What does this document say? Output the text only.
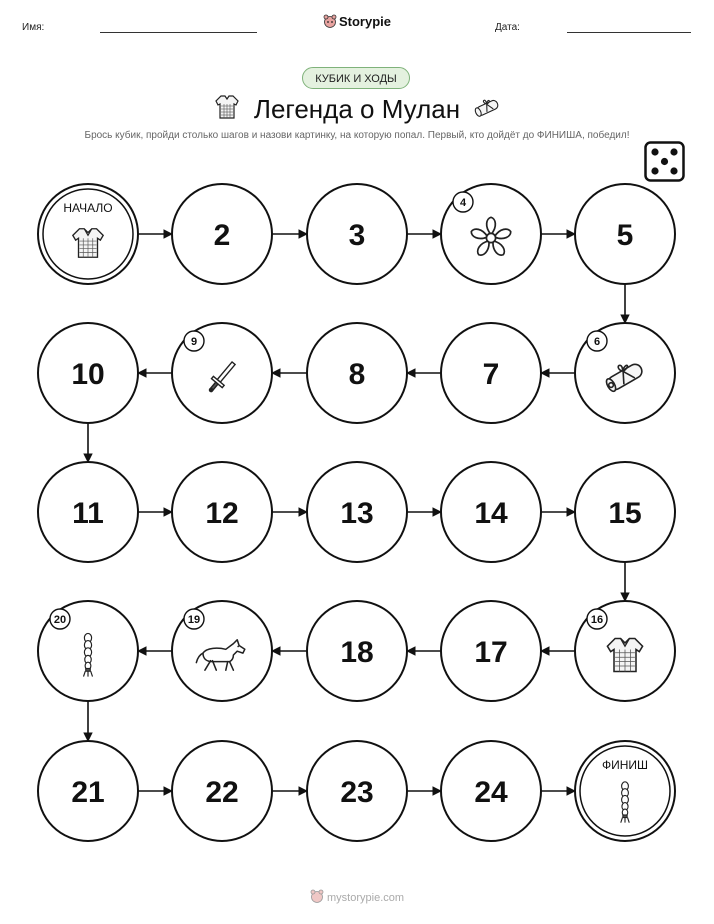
Имя:	Storypie	Дата:
КУБИК И ХОДЫ
Легенда о Мулан
Брось кубик, пройди столько шагов и назови картинку, на которую попал. Первый, кто дойдёт до ФИНИША, победил!
НАЧАЛО
2	3
4
5
6
7
8
9
10
11	12	13	14	15
16
17
18
19
20
21	22	23	24
ФИНИШ
mystorypie.com
